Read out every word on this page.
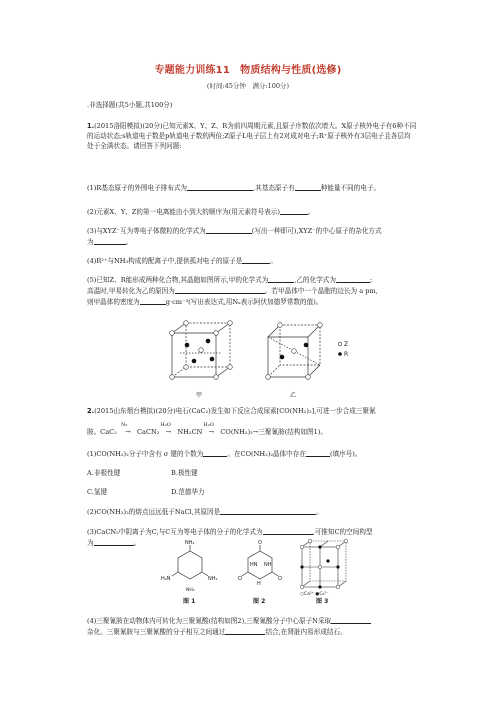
专题能力训练11　物质结构与性质(选修)
(时间:45分钟　满分:100分)
.非选择题(共5小题,共100分)
1.(2015洛阳模拟)(20分)已知元素X、Y、Z、R为前四周期元素,且原子序数依次增大。X原子核外电子有6种不同的运动状态;s轨道电子数是p轨道电子数的两倍;Z原子L电子层上有2对成对电子;R⁺原子核外有3层电子且各层均处于全满状态。请回答下列问题:
(1)R基态原子的外围电子排布式为	,其基态原子有	种能量不同的电子。
(2)元素X、Y、Z的第一电离能由小到大的顺序为(用元素符号表示)	。
(3)与XYZ⁻互为等电子体微粒的化学式为	(写出一种即可),XYZ⁻的中心原子的杂化方式
为	。
(4)R²⁺与NH₃构成的配离子中,提供孤对电子的原子是	。
(5)已知Z、R能形成两种化合物,其晶胞如图所示,甲的化学式为	,乙的化学式为	;
高温时,甲易转化为乙的原因为	。若甲晶体中一个晶胞的边长为 a pm,
则甲晶体的密度为	g·cm⁻³(写出表达式,用Nₐ表示阿伏加德罗常数的值)。
Z
R
甲	乙
2.(2015山东烟台模拟)(20分)电石(CaC₂)发生如下反应合成尿素[CO(NH₂)₂],可进一步合成三聚氰
胺。CaC₂
N₂
→ CaCN₂
H₂O
→ NH₂CN
H₂O
→ CO(NH₂)₂→三聚氰胺(结构如图1)。
(1)CO(NH₂)₂分子中含有 σ 键的个数为	。在CO(NH₂)₂晶体中存在	(填序号)。
A.非极性键	B.极性键
C.氢键	D.范德华力
(2)CO(NH₂)₂的熔点远远低于NaCl,其原因是	。
(3)CaCN₂中阴离子为C,与C互为等电子体的分子的化学式为	,可推知C的空间构型
为	。	NH₂
NH₂
H₂N
NH₂
O
O
O
HN NH
H
○Ca²⁺ ●C₂²⁻
图 1	图 2	图 3
(4)三聚氰胺在动物体内可转化为三聚氰酸(结构如图2),三聚氰酸分子中心原子N采取
杂化。三聚氰胺与三聚氰酸的分子相互之间通过	结合,在肾脏内易形成结石。
